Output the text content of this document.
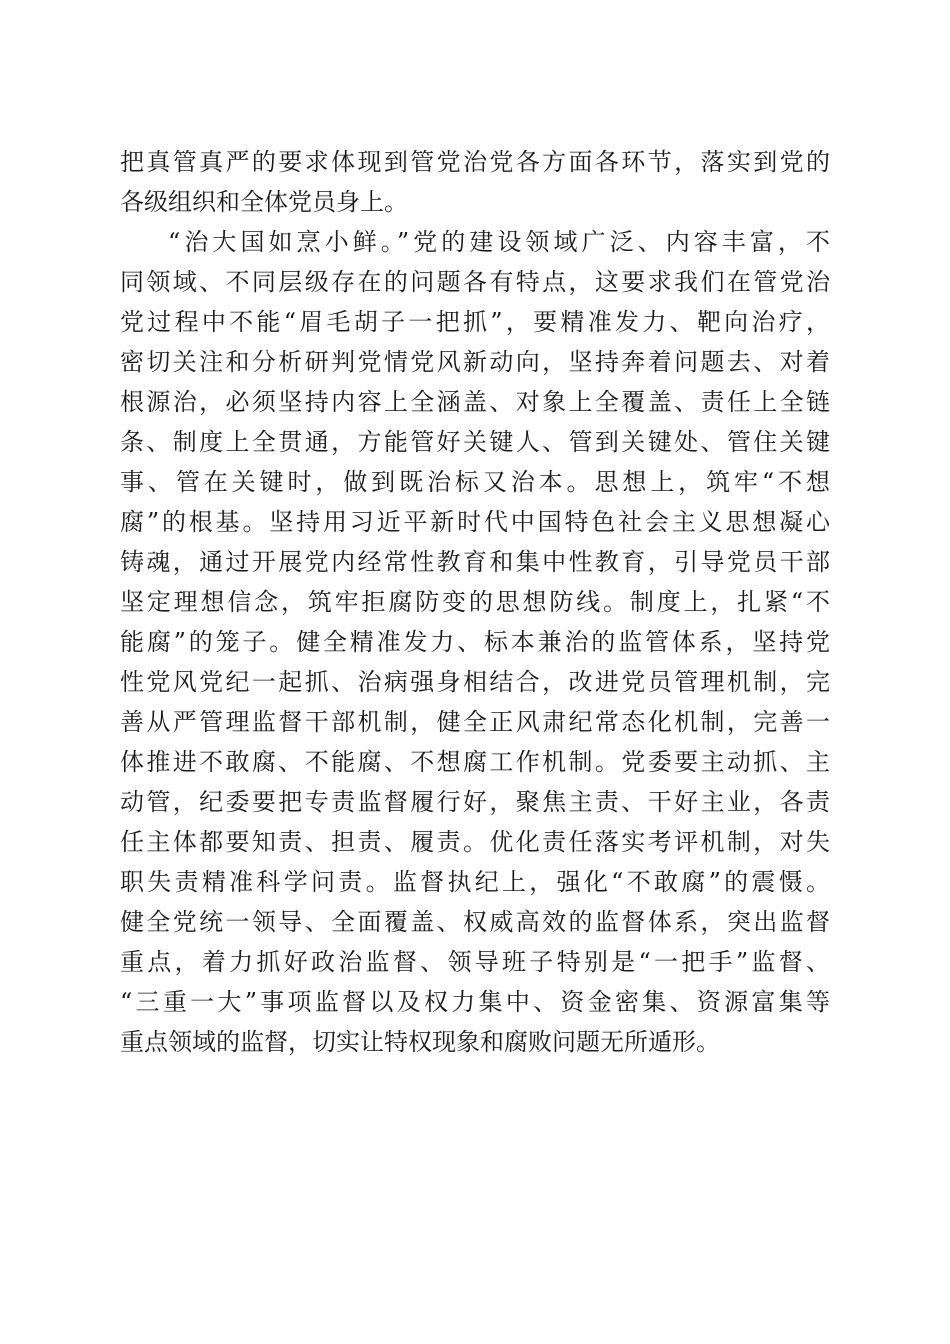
把真管真严的要求体现到管党治党各方面各环节，落实到党的
各级组织和全体党员身上。
“治大国如烹小鲜。”党的建设领域广泛、内容丰富，不
同领域、不同层级存在的问题各有特点，这要求我们在管党治
党过程中不能“眉毛胡子一把抓”，要精准发力、靶向治疗，
密切关注和分析研判党情党风新动向，坚持奔着问题去、对着
根源治，必须坚持内容上全涵盖、对象上全覆盖、责任上全链
条、制度上全贯通，方能管好关键人、管到关键处、管住关键
事、管在关键时，做到既治标又治本。思想上，筑牢“不想
腐”的根基。坚持用习近平新时代中国特色社会主义思想凝心
铸魂，通过开展党内经常性教育和集中性教育，引导党员干部
坚定理想信念，筑牢拒腐防变的思想防线。制度上，扎紧“不
能腐”的笼子。健全精准发力、标本兼治的监管体系，坚持党
性党风党纪一起抓、治病强身相结合，改进党员管理机制，完
善从严管理监督干部机制，健全正风肃纪常态化机制，完善一
体推进不敢腐、不能腐、不想腐工作机制。党委要主动抓、主
动管，纪委要把专责监督履行好，聚焦主责、干好主业，各责
任主体都要知责、担责、履责。优化责任落实考评机制，对失
职失责精准科学问责。监督执纪上，强化“不敢腐”的震慑。
健全党统一领导、全面覆盖、权威高效的监督体系，突出监督
重点，着力抓好政治监督、领导班子特别是“一把手”监督、
“三重一大”事项监督以及权力集中、资金密集、资源富集等
重点领域的监督，切实让特权现象和腐败问题无所遁形。
